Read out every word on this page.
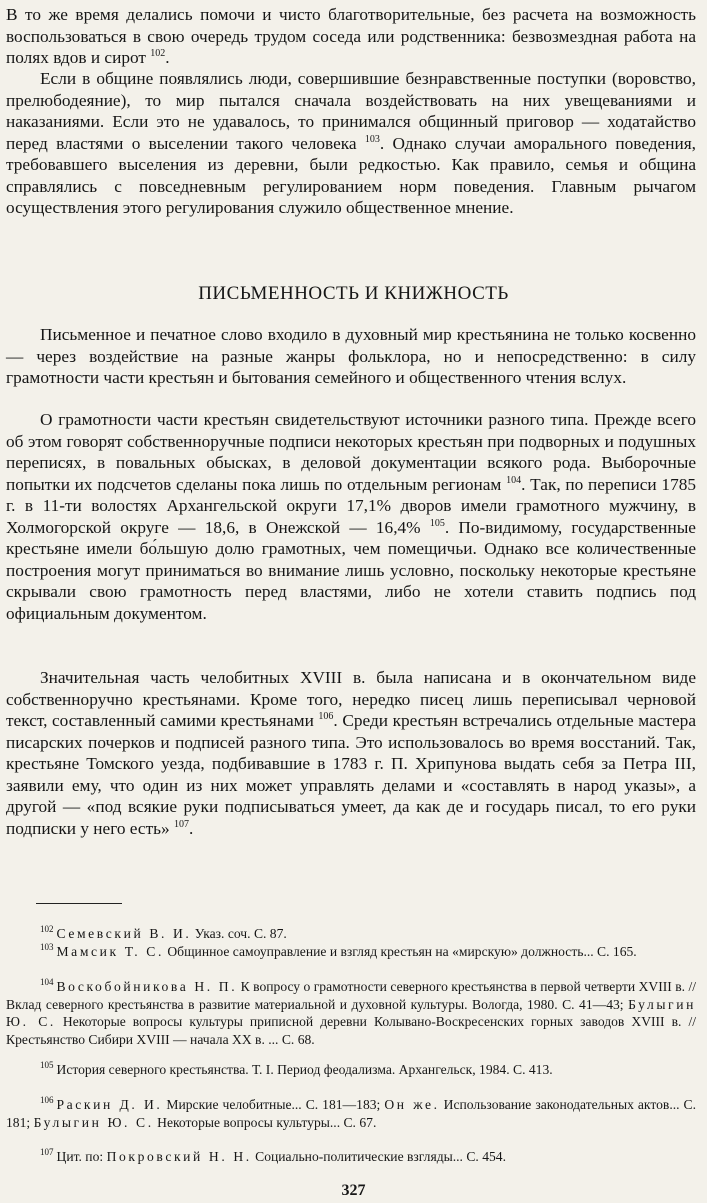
В то же время делались помочи и чисто благотворительные, без расчета на возможность воспользоваться в свою очередь трудом соседа или родственника: безвозмездная работа на полях вдов и сирот $^{102}$.

Если в общине появлялись люди, совершившие безнравственные поступки (воровство, прелюбодеяние), то мир пытался сначала воздействовать на них увещеваниями и наказаниями. Если это не удавалось, то принимался общинный приговор — ходатайство перед властями о выселении такого человека $^{103}$. Однако случаи аморального поведения, требовавшего выселения из деревни, были редкостью. Как правило, семья и община справлялись с повседневным регулированием норм поведения. Главным рычагом осуществления этого регулирования служило общественное мнение.

ПИСЬМЕННОСТЬ И КНИЖНОСТЬ

Письменное и печатное слово входило в духовный мир крестьянина не только косвенно — через воздействие на разные жанры фольклора, но и непосредственно: в силу грамотности части крестьян и бытования семейного и общественного чтения вслух.

О грамотности части крестьян свидетельствуют источники разного типа. Прежде всего об этом говорят собственноручные подписи некоторых крестьян при подворных и подушных переписях, в повальных обысках, в деловой документации всякого рода. Выборочные попытки их подсчетов сделаны пока лишь по отдельным регионам $^{104}$. Так, по переписи 1785 г. в 11-ти волостях Архангельской округи 17,1% дворов имели грамотного мужчину, в Холмогорской округе — 18,6, в Онежской — 16,4% $^{105}$. По-видимому, государственные крестьяне имели бо́льшую долю грамотных, чем помещичьи. Однако все количественные построения могут приниматься во внимание лишь условно, поскольку некоторые крестьяне скрывали свою грамотность перед властями, либо не хотели ставить подпись под официальным документом.

Значительная часть челобитных XVIII в. была написана и в окончательном виде собственноручно крестьянами. Кроме того, нередко писец лишь переписывал черновой текст, составленный самими крестьянами $^{106}$. Среди крестьян встречались отдельные мастера писарских почерков и подписей разного типа. Это использовалось во время восстаний. Так, крестьяне Томского уезда, подбивавшие в 1783 г. П. Хрипунова выдать себя за Петра III, заявили ему, что один из них может управлять делами и «составлять в народ указы», а другой — «под всякие руки подписываться умеет, да как де и государь писал, то его руки подписки у него есть» $^{107}$.

$^{102}$ Семевский В. И. Указ. соч. С. 87.

$^{103}$ Мамсик Т. С. Общинное самоуправление и взгляд крестьян на «мирскую» должность... С. 165.

$^{104}$ Воскобойникова Н. П. К вопросу о грамотности северного крестьянства в первой четверти XVIII в. // Вклад северного крестьянства в развитие материальной и духовной культуры. Вологда, 1980. С. 41—43; Булыгин Ю. С. Некоторые вопросы культуры приписной деревни Колывано-Воскресенских горных заводов XVIII в. // Крестьянство Сибири XVIII — начала XX в. ... С. 68.

$^{105}$ История северного крестьянства. Т. I. Период феодализма. Архангельск, 1984. С. 413.

$^{106}$ Раскин Д. И. Мирские челобитные... С. 181—183; Он же. Использование законодательных актов... С. 181; Булыгин Ю. С. Некоторые вопросы культуры... С. 67.

$^{107}$ Цит. по: Покровский Н. Н. Социально-политические взгляды... С. 454.

327
